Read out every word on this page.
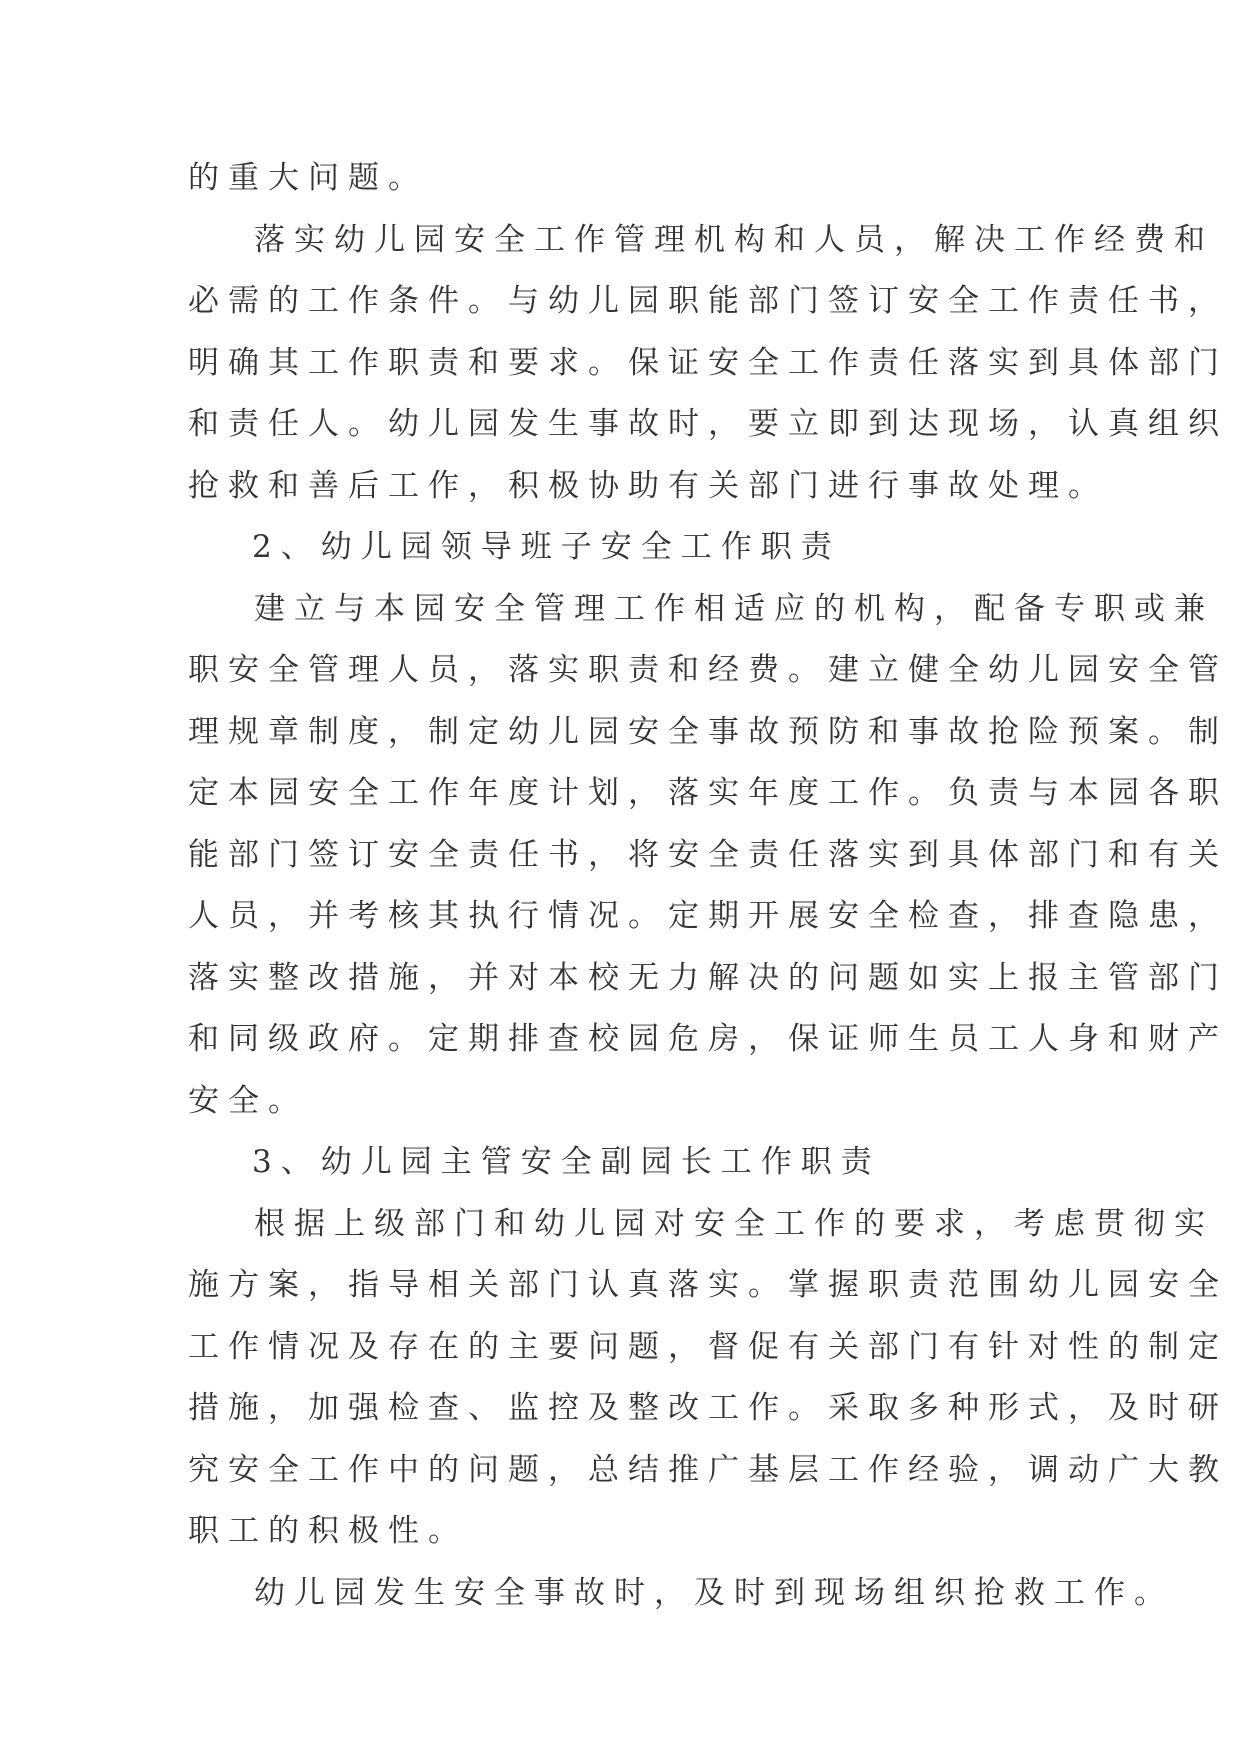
的重大问题。
落实幼儿园安全工作管理机构和人员，解决工作经费和
必需的工作条件。与幼儿园职能部门签订安全工作责任书，
明确其工作职责和要求。保证安全工作责任落实到具体部门
和责任人。幼儿园发生事故时，要立即到达现场，认真组织
抢救和善后工作，积极协助有关部门进行事故处理。
2、幼儿园领导班子安全工作职责
建立与本园安全管理工作相适应的机构，配备专职或兼
职安全管理人员，落实职责和经费。建立健全幼儿园安全管
理规章制度，制定幼儿园安全事故预防和事故抢险预案。制
定本园安全工作年度计划，落实年度工作。负责与本园各职
能部门签订安全责任书，将安全责任落实到具体部门和有关
人员，并考核其执行情况。定期开展安全检查，排查隐患，
落实整改措施，并对本校无力解决的问题如实上报主管部门
和同级政府。定期排查校园危房，保证师生员工人身和财产
安全。
3、幼儿园主管安全副园长工作职责
根据上级部门和幼儿园对安全工作的要求，考虑贯彻实
施方案，指导相关部门认真落实。掌握职责范围幼儿园安全
工作情况及存在的主要问题，督促有关部门有针对性的制定
措施，加强检查、监控及整改工作。采取多种形式，及时研
究安全工作中的问题，总结推广基层工作经验，调动广大教
职工的积极性。
幼儿园发生安全事故时，及时到现场组织抢救工作。
